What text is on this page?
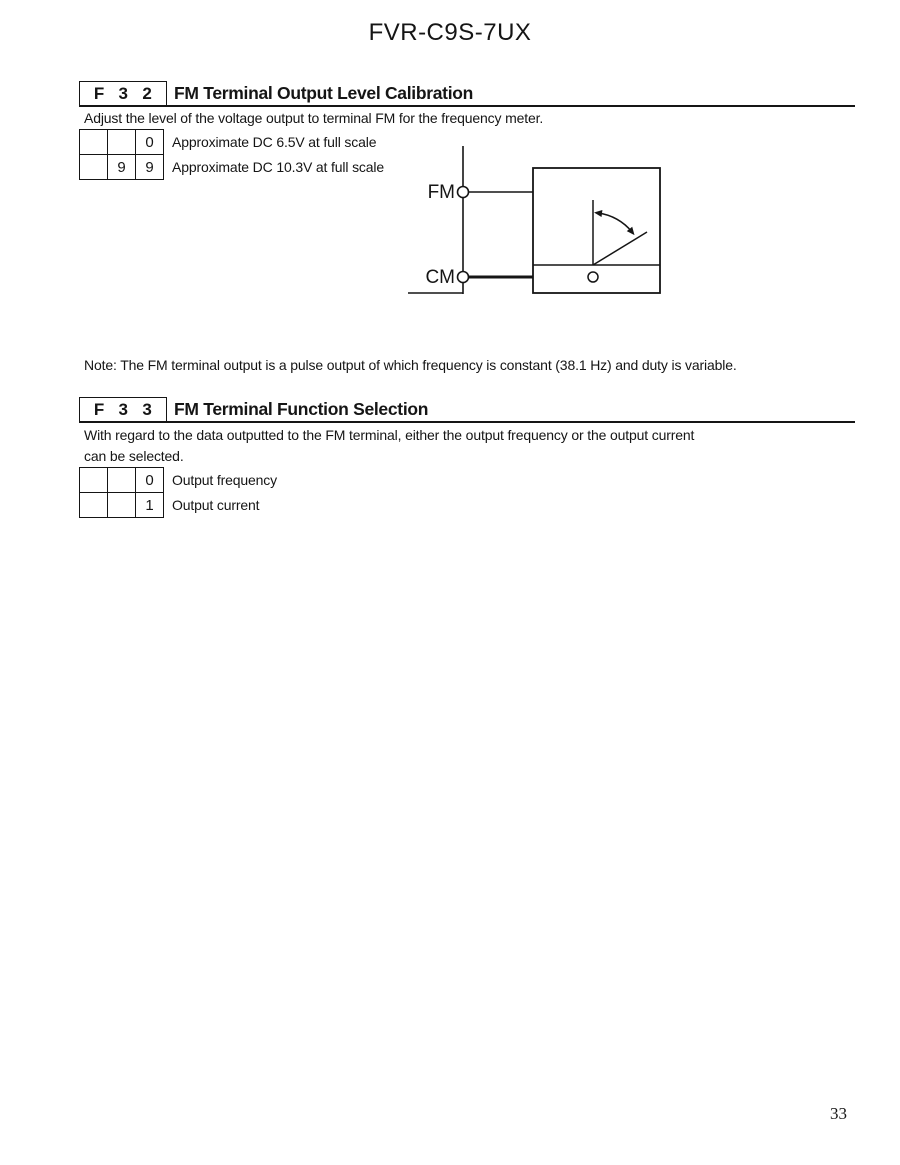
FVR-C9S-7UX
F 3 2	FM Terminal Output Level Calibration
Adjust the level of the voltage output to terminal FM for the frequency meter.
		0	Approximate DC 6.5V at full scale
	9	9	Approximate DC 10.3V at full scale
FM
CM
Note: The FM terminal output is a pulse output of which frequency is constant (38.1 Hz) and duty is variable.
F 3 3	FM Terminal Function Selection
With regard to the data outputted to the FM terminal, either the output frequency or the output current
can be selected.
		0	Output frequency
		1	Output current
33
